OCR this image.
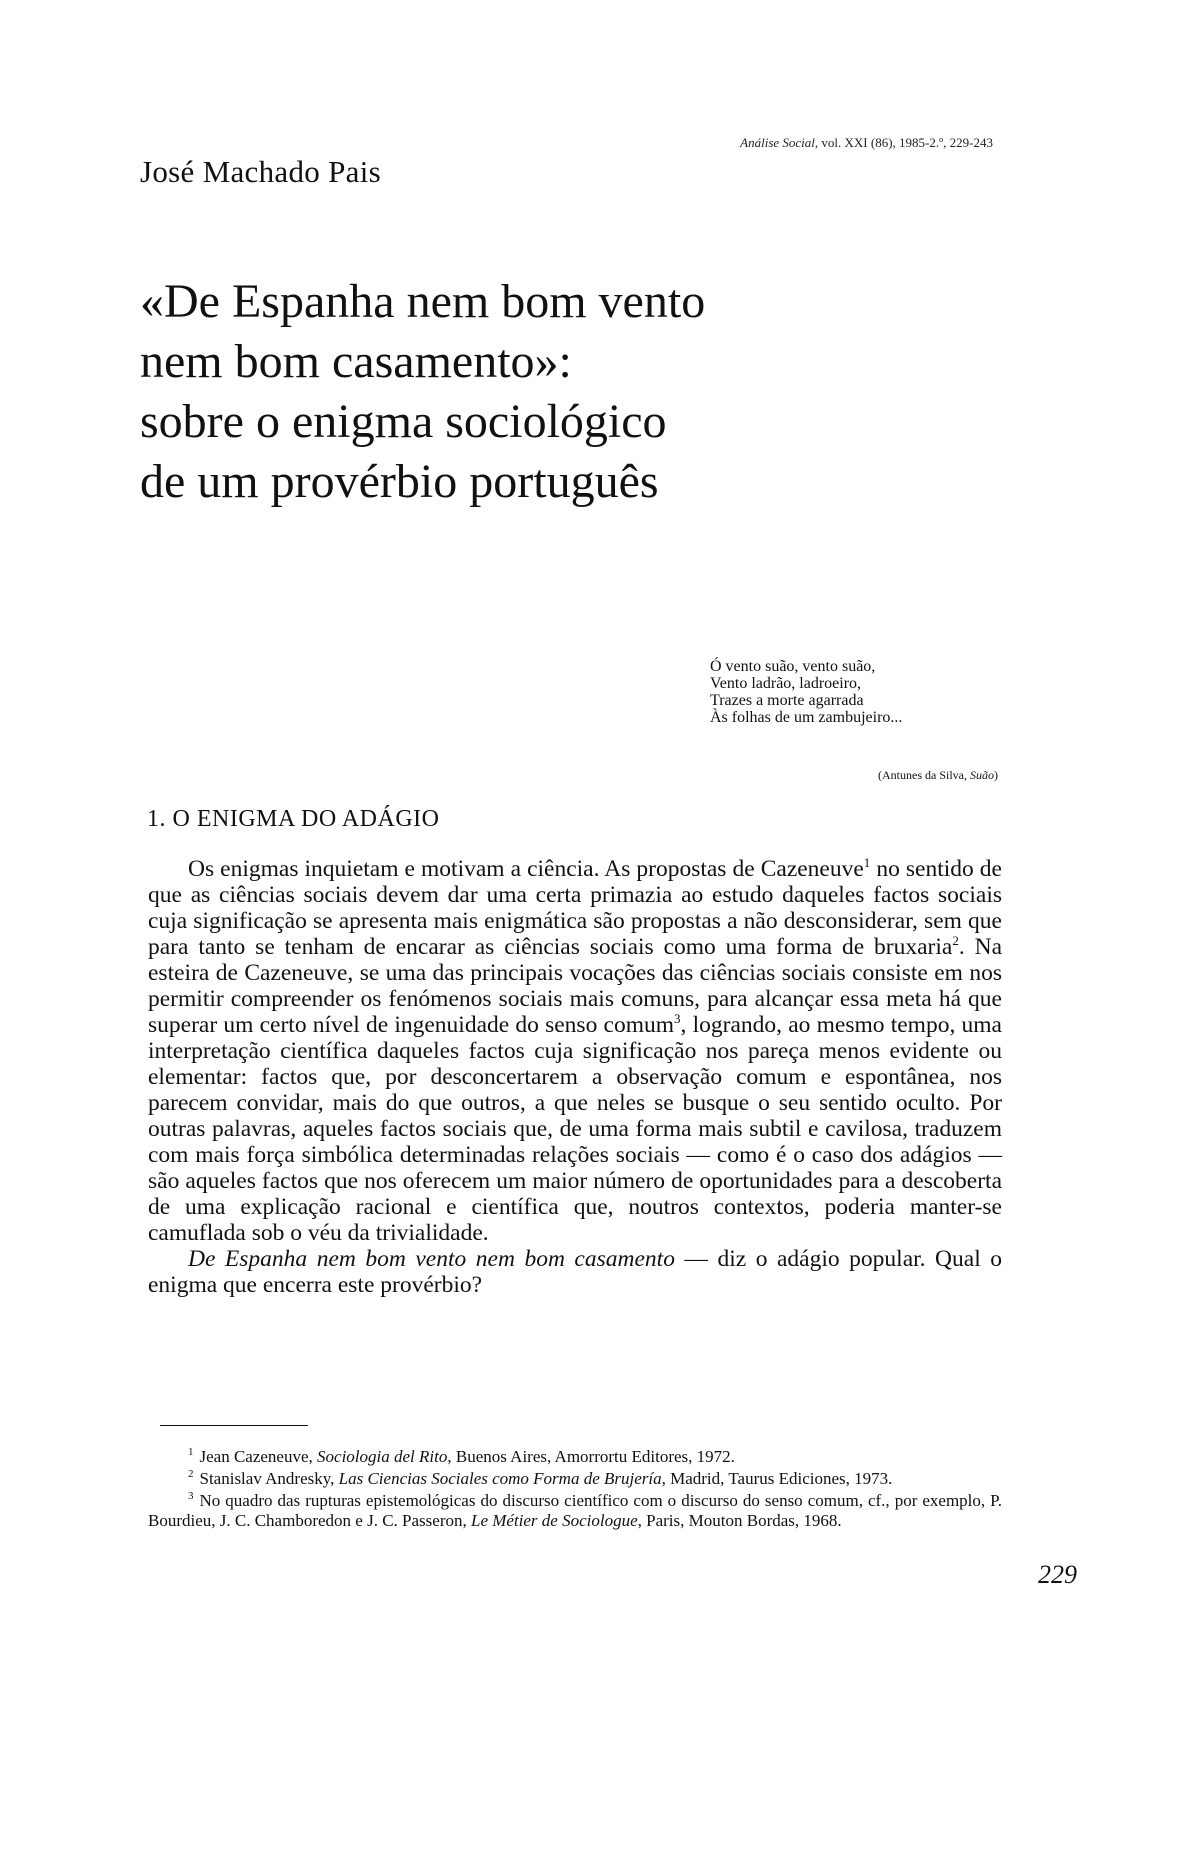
José Machado Pais
Análise Social, vol. XXI (86), 1985-2.º, 229-243
«De Espanha nem bom vento
nem bom casamento»:
sobre o enigma sociológico
de um provérbio português
Ó vento suão, vento suão,
Vento ladrão, ladroeiro,
Trazes a morte agarrada
Às folhas de um zambujeiro...
(Antunes da Silva, Suão)
1. O ENIGMA DO ADÁGIO

Os enigmas inquietam e motivam a ciência. As propostas de Cazeneuve$^1$ no sentido de que as ciências sociais devem dar uma certa primazia ao estudo daqueles factos sociais cuja significação se apresenta mais enigmática são propostas a não desconsiderar, sem que para tanto se tenham de encarar as ciências sociais como uma forma de bruxaria$^2$. Na esteira de Cazeneuve, se uma das principais vocações das ciências sociais consiste em nos permitir compreender os fenómenos sociais mais comuns, para alcançar essa meta há que superar um certo nível de ingenuidade do senso comum$^3$, logrando, ao mesmo tempo, uma interpretação científica daqueles factos cuja significação nos pareça menos evidente ou elementar: factos que, por desconcertarem a observação comum e espontânea, nos parecem convidar, mais do que outros, a que neles se busque o seu sentido oculto. Por outras palavras, aqueles factos sociais que, de uma forma mais subtil e cavilosa, traduzem com mais força simbólica determinadas relações sociais — como é o caso dos adágios — são aqueles factos que nos oferecem um maior número de oportunidades para a descoberta de uma explicação racional e científica que, noutros contextos, poderia manter-se camuflada sob o véu da trivialidade.

De Espanha nem bom vento nem bom casamento — diz o adágio popular. Qual o enigma que encerra este provérbio?

$^1$ Jean Cazeneuve, Sociologia del Rito, Buenos Aires, Amorrortu Editores, 1972.
$^2$ Stanislav Andresky, Las Ciencias Sociales como Forma de Brujería, Madrid, Taurus Ediciones, 1973.
$^3$ No quadro das rupturas epistemológicas do discurso científico com o discurso do senso comum, cf., por exemplo, P. Bourdieu, J. C. Chamboredon e J. C. Passeron, Le Métier de Sociologue, Paris, Mouton Bordas, 1968.
229
